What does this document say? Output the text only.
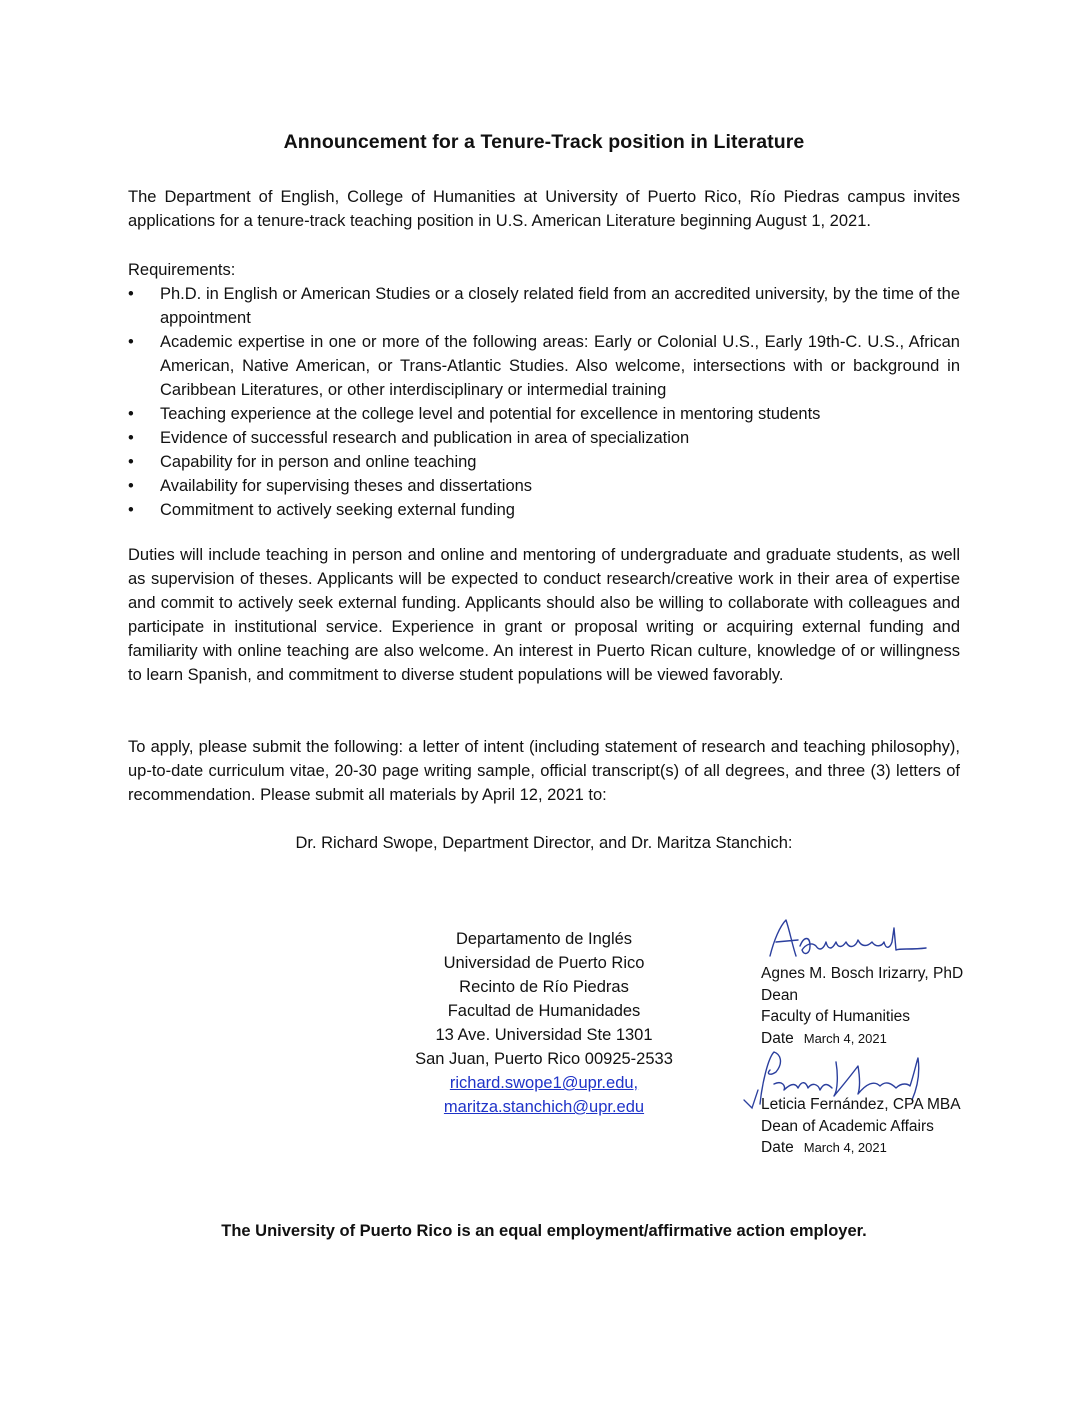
Announcement for a Tenure-Track position in Literature
The Department of English, College of Humanities at University of Puerto Rico, Río Piedras campus invites applications for a tenure-track teaching position in U.S. American Literature beginning August 1, 2021.
Requirements:
• Ph.D. in English or American Studies or a closely related field from an accredited university, by the time of the appointment
• Academic expertise in one or more of the following areas: Early or Colonial U.S., Early 19th-C. U.S., African American, Native American, or Trans-Atlantic Studies. Also welcome, intersections with or background in Caribbean Literatures, or other interdisciplinary or intermedial training
• Teaching experience at the college level and potential for excellence in mentoring students
• Evidence of successful research and publication in area of specialization
• Capability for in person and online teaching
• Availability for supervising theses and dissertations
• Commitment to actively seeking external funding
Duties will include teaching in person and online and mentoring of undergraduate and graduate students, as well as supervision of theses. Applicants will be expected to conduct research/creative work in their area of expertise and commit to actively seek external funding. Applicants should also be willing to collaborate with colleagues and participate in institutional service. Experience in grant or proposal writing or acquiring external funding and familiarity with online teaching are also welcome. An interest in Puerto Rican culture, knowledge of or willingness to learn Spanish, and commitment to diverse student populations will be viewed favorably.
To apply, please submit the following: a letter of intent (including statement of research and teaching philosophy), up-to-date curriculum vitae, 20-30 page writing sample, official transcript(s) of all degrees, and three (3) letters of recommendation. Please submit all materials by April 12, 2021 to:
Dr. Richard Swope, Department Director, and Dr. Maritza Stanchich:
Departamento de Inglés
Universidad de Puerto Rico
Recinto de Río Piedras
Facultad de Humanidades
13 Ave. Universidad Ste 1301
San Juan, Puerto Rico 00925-2533
richard.swope1@upr.edu,
maritza.stanchich@upr.edu
Agnes M. Bosch Irizarry, PhD
Dean
Faculty of Humanities
Date March 4, 2021
Leticia Fernández, CPA MBA
Dean of Academic Affairs
Date March 4, 2021
The University of Puerto Rico is an equal employment/affirmative action employer.
